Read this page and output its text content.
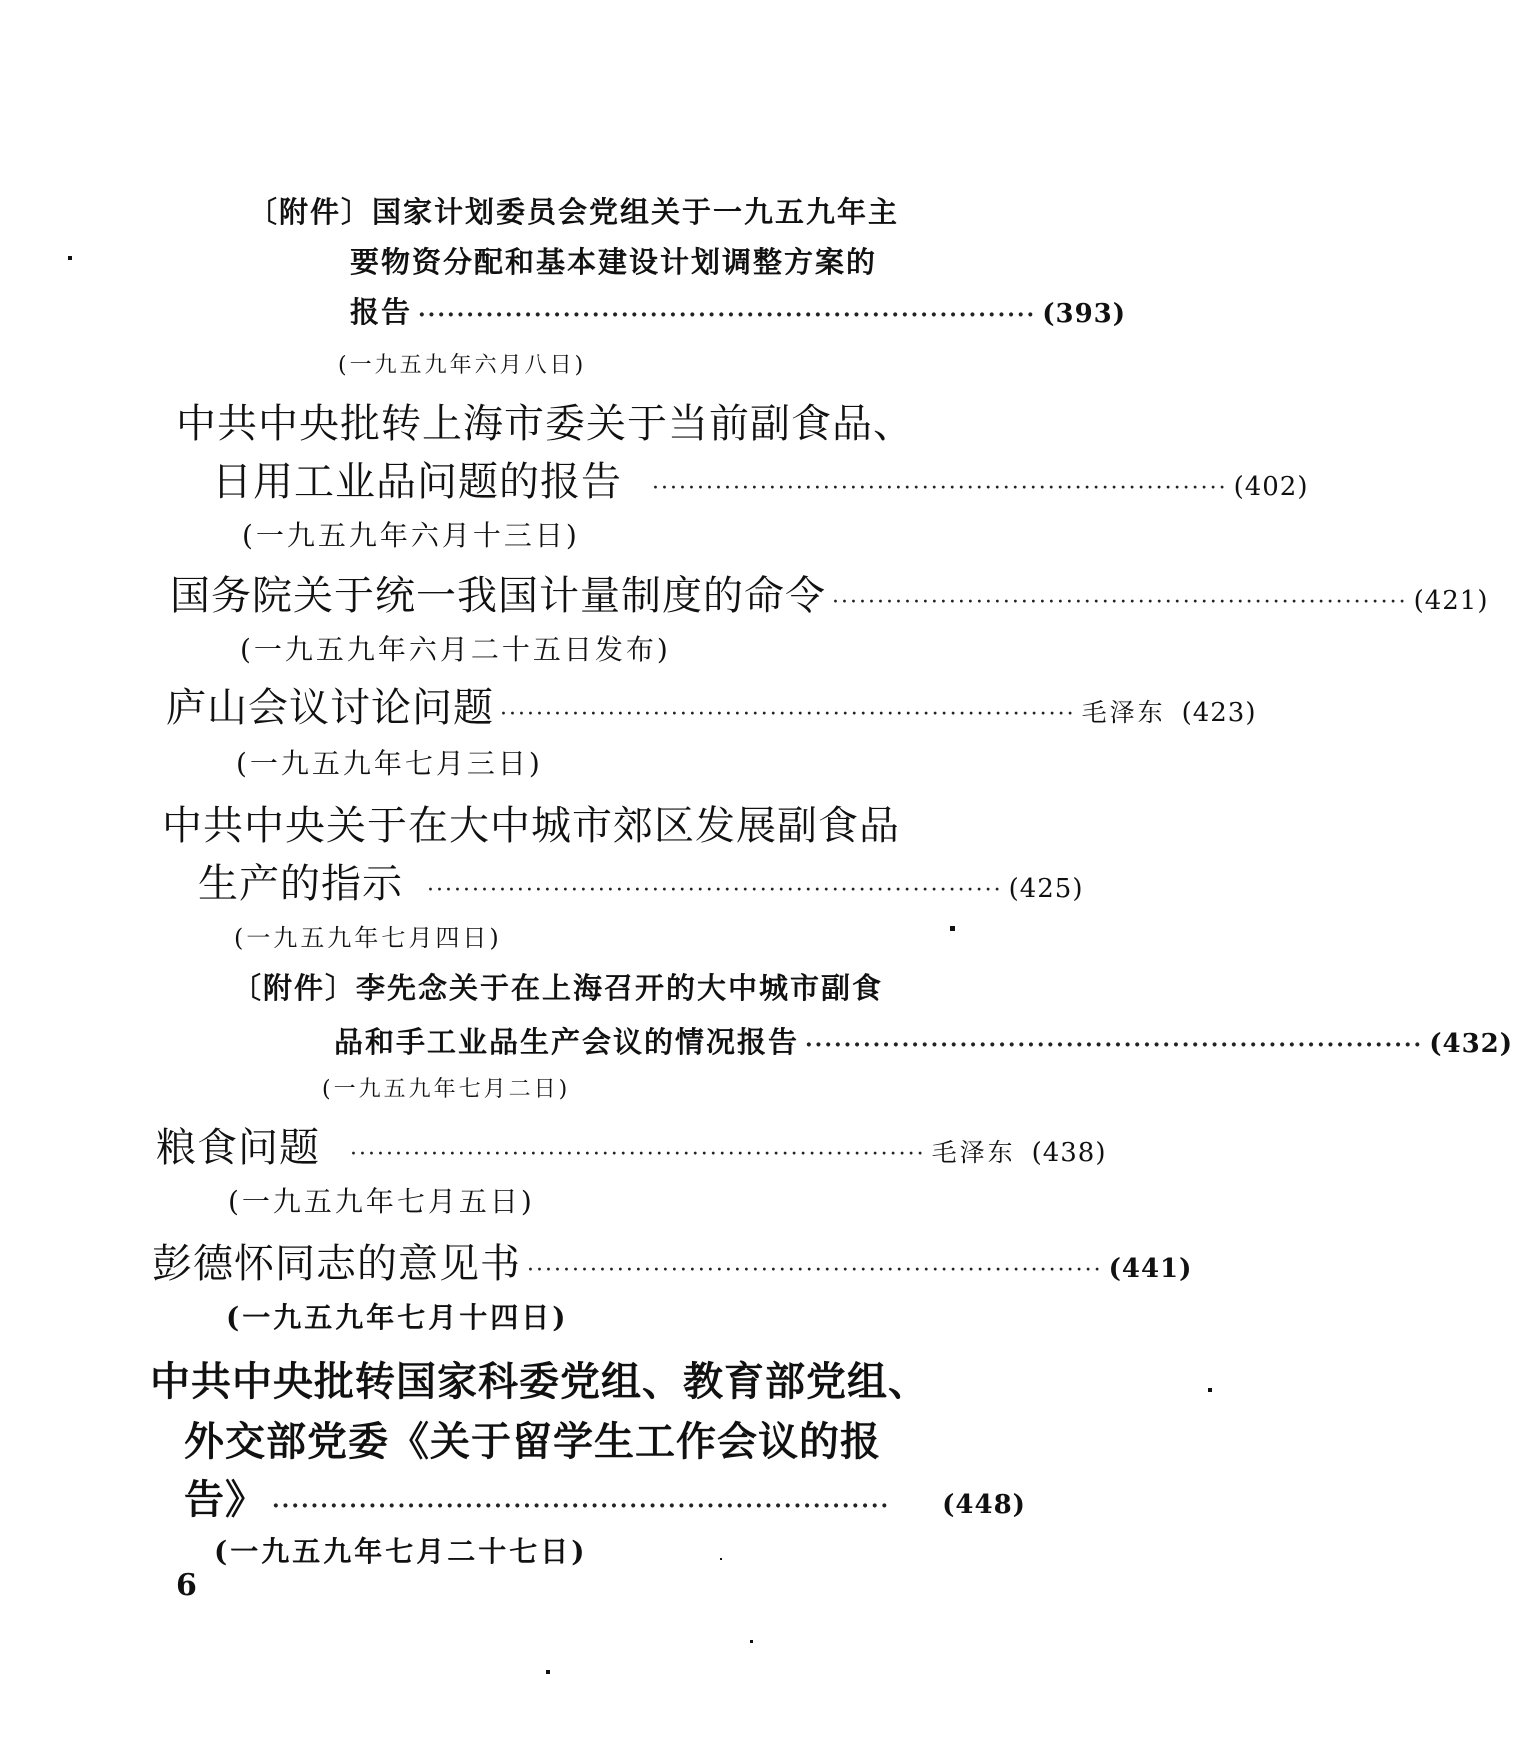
〔附件〕国家计划委员会党组关于一九五九年主
要物资分配和基本建设计划调整方案的
报告 ································································ (393)
(一九五九年六月八日)
中共中央批转上海市委关于当前副食品、
日用工业品问题的报告 ································································ (402)
(一九五九年六月十三日)
国务院关于统一我国计量制度的命令 ································································ (421)
(一九五九年六月二十五日发布)
庐山会议讨论问题 ································································ 毛泽东 (423)
(一九五九年七月三日)
中共中央关于在大中城市郊区发展副食品
生产的指示 ································································ (425)
(一九五九年七月四日)
〔附件〕李先念关于在上海召开的大中城市副食
品和手工业品生产会议的情况报告 ································································ (432)
(一九五九年七月二日)
粮食问题 ································································ 毛泽东 (438)
(一九五九年七月五日)
彭德怀同志的意见书 ································································ (441)
(一九五九年七月十四日)
中共中央批转国家科委党组、教育部党组、
外交部党委《关于留学生工作会议的报
告》 ································································	(448)
(一九五九年七月二十七日)
6
